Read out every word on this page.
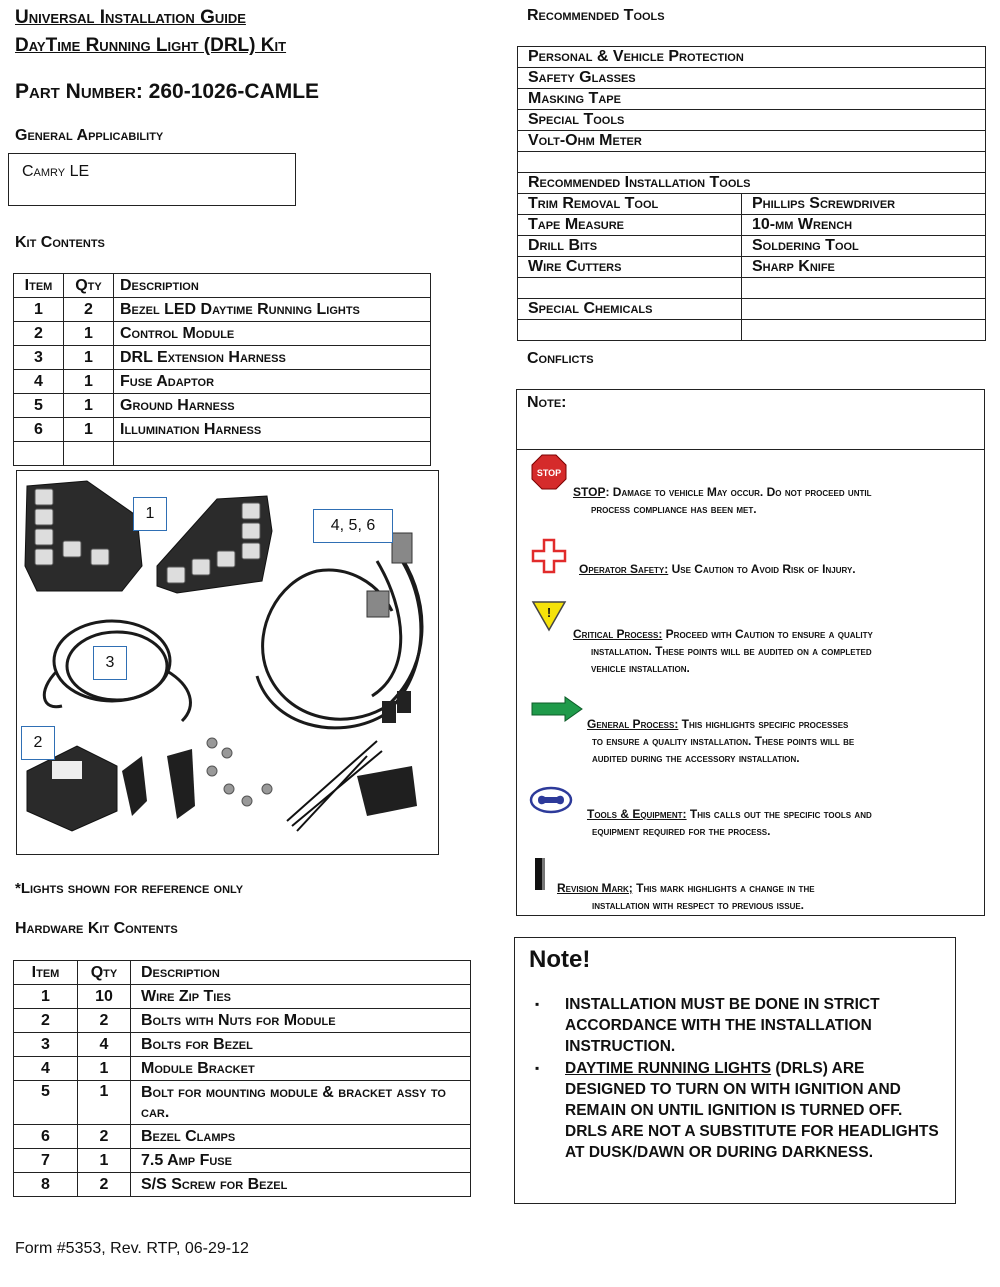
Universal Installation Guide
DayTime Running Light (DRL) Kit
Part Number: 260-1026-CAMLE
General Applicability
Camry LE
Kit Contents
Item	Qty	Description
1	2	Bezel LED Daytime Running Lights
2	1	Control Module
3	1	DRL Extension Harness
4	1	Fuse Adaptor
5	1	Ground Harness
6	1	Illumination Harness

1
4, 5, 6
3
2
*Lights shown for reference only
Hardware Kit Contents
Item	Qty	Description
1	10	Wire Zip Ties
2	2	Bolts with Nuts for Module
3	4	Bolts for Bezel
4	1	Module Bracket
5	1	Bolt for mounting module & bracket assy to car.
6	2	Bezel Clamps
7	1	7.5 Amp Fuse
8	2	S/S Screw for Bezel
Form #5353, Rev. RTP, 06-29-12
Recommended Tools
Personal & Vehicle Protection	
Safety Glasses	
Masking Tape	
Special Tools	
Volt-Ohm Meter	

Recommended Installation Tools	
Trim Removal Tool	Phillips Screwdriver
Tape Measure	10-mm Wrench
Drill Bits	Soldering Tool
Wire Cutters	Sharp Knife

Special Chemicals	

Conflicts
Note:
STOP
STOP: Damage to vehicle May occur. Do not proceed until
process compliance has been met.
Operator Safety: Use Caution to Avoid Risk of Injury.
!
Critical Process: Proceed with Caution to ensure a quality
installation. These points will be audited on a completed
vehicle installation.
General Process: This highlights specific processes
to ensure a quality installation. These points will be
audited during the accessory installation.
Tools & Equipment: This calls out the specific tools and
equipment required for the process.
Revision Mark; This mark highlights a change in the
installation with respect to previous issue.
Note!
▪ INSTALLATION MUST BE DONE IN STRICT ACCORDANCE WITH THE INSTALLATION INSTRUCTION.
▪ DAYTIME RUNNING LIGHTS (DRLS) ARE DESIGNED TO TURN ON WITH IGNITION AND REMAIN ON UNTIL IGNITION IS TURNED OFF. DRLS ARE NOT A SUBSTITUTE FOR HEADLIGHTS AT DUSK/DAWN OR DURING DARKNESS.
